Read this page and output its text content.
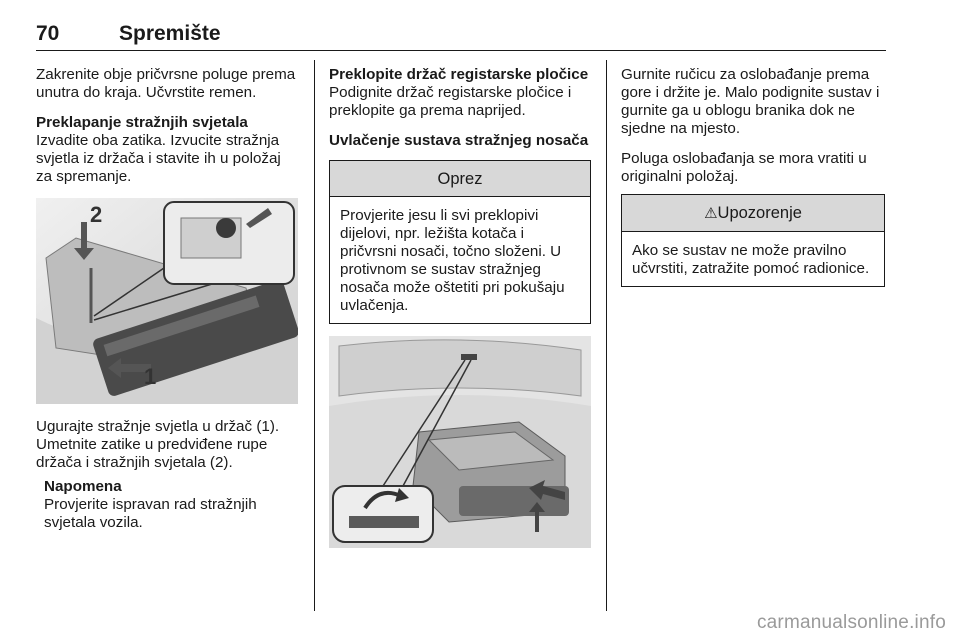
70	Spremište

Zakrenite obje pričvrsne poluge prema unutra do kraja. Učvrstite remen.

Preklapanje stražnjih svjetala

Izvadite oba zatika. Izvucite stražnja svjetla iz držača i stavite ih u položaj za spremanje.

2
1

Ugurajte stražnje svjetla u držač (1). Umetnite zatike u predviđene rupe držača i stražnjih svjetala (2).

Napomena
Provjerite ispravan rad stražnjih svjetala vozila.
Preklopite držač registarske pločice

Podignite držač registarske pločice i preklopite ga prema naprijed.

Uvlačenje sustava stražnjeg nosača
Oprez
Provjerite jesu li svi preklopivi dijelovi, npr. ležišta kotača i pričvrsni nosači, točno složeni. U protivnom se sustav stražnjeg nosača može oštetiti pri pokušaju uvlačenja.

Gurnite ručicu za oslobađanje prema gore i držite je. Malo podignite sustav i gurnite ga u oblogu branika dok ne sjedne na mjesto.

Poluga oslobađanja se mora vratiti u originalni položaj.

⚠Upozorenje
Ako se sustav ne može pravilno učvrstiti, zatražite pomoć radionice.
carmanualsonline.info
